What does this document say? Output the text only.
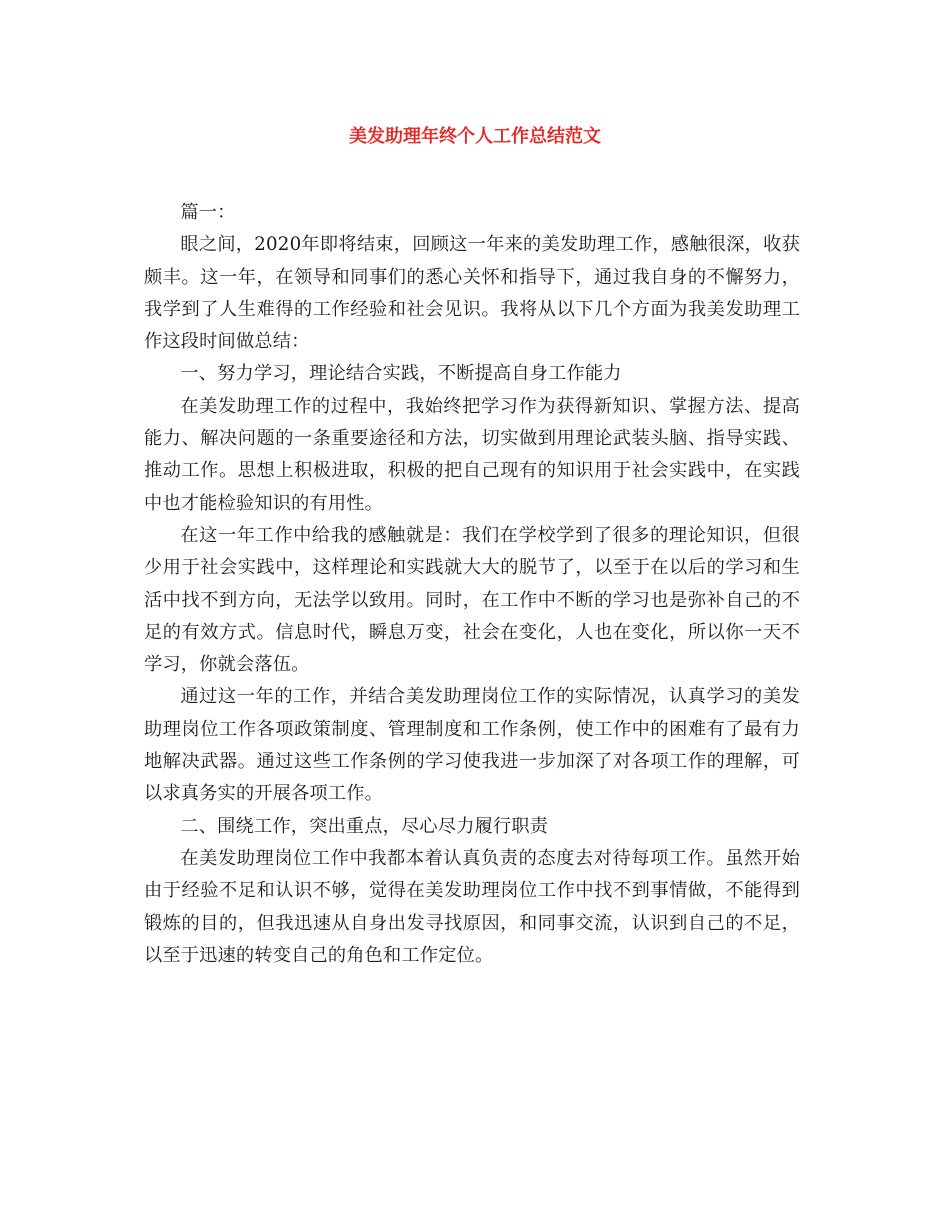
美发助理年终个人工作总结范文

篇一：

眼之间，2020年即将结束，回顾这一年来的美发助理工作，感触很深，收获颇丰。这一年，在领导和同事们的悉心关怀和指导下，通过我自身的不懈努力，我学到了人生难得的工作经验和社会见识。我将从以下几个方面为我美发助理工作这段时间做总结：

一、努力学习，理论结合实践，不断提高自身工作能力

在美发助理工作的过程中，我始终把学习作为获得新知识、掌握方法、提高能力、解决问题的一条重要途径和方法，切实做到用理论武装头脑、指导实践、推动工作。思想上积极进取，积极的把自己现有的知识用于社会实践中，在实践中也才能检验知识的有用性。

在这一年工作中给我的感触就是：我们在学校学到了很多的理论知识，但很少用于社会实践中，这样理论和实践就大大的脱节了，以至于在以后的学习和生活中找不到方向，无法学以致用。同时，在工作中不断的学习也是弥补自己的不足的有效方式。信息时代，瞬息万变，社会在变化，人也在变化，所以你一天不学习，你就会落伍。

通过这一年的工作，并结合美发助理岗位工作的实际情况，认真学习的美发助理岗位工作各项政策制度、管理制度和工作条例，使工作中的困难有了最有力地解决武器。通过这些工作条例的学习使我进一步加深了对各项工作的理解，可以求真务实的开展各项工作。

二、围绕工作，突出重点，尽心尽力履行职责

在美发助理岗位工作中我都本着认真负责的态度去对待每项工作。虽然开始由于经验不足和认识不够，觉得在美发助理岗位工作中找不到事情做，不能得到锻炼的目的，但我迅速从自身出发寻找原因，和同事交流，认识到自己的不足，以至于迅速的转变自己的角色和工作定位。
